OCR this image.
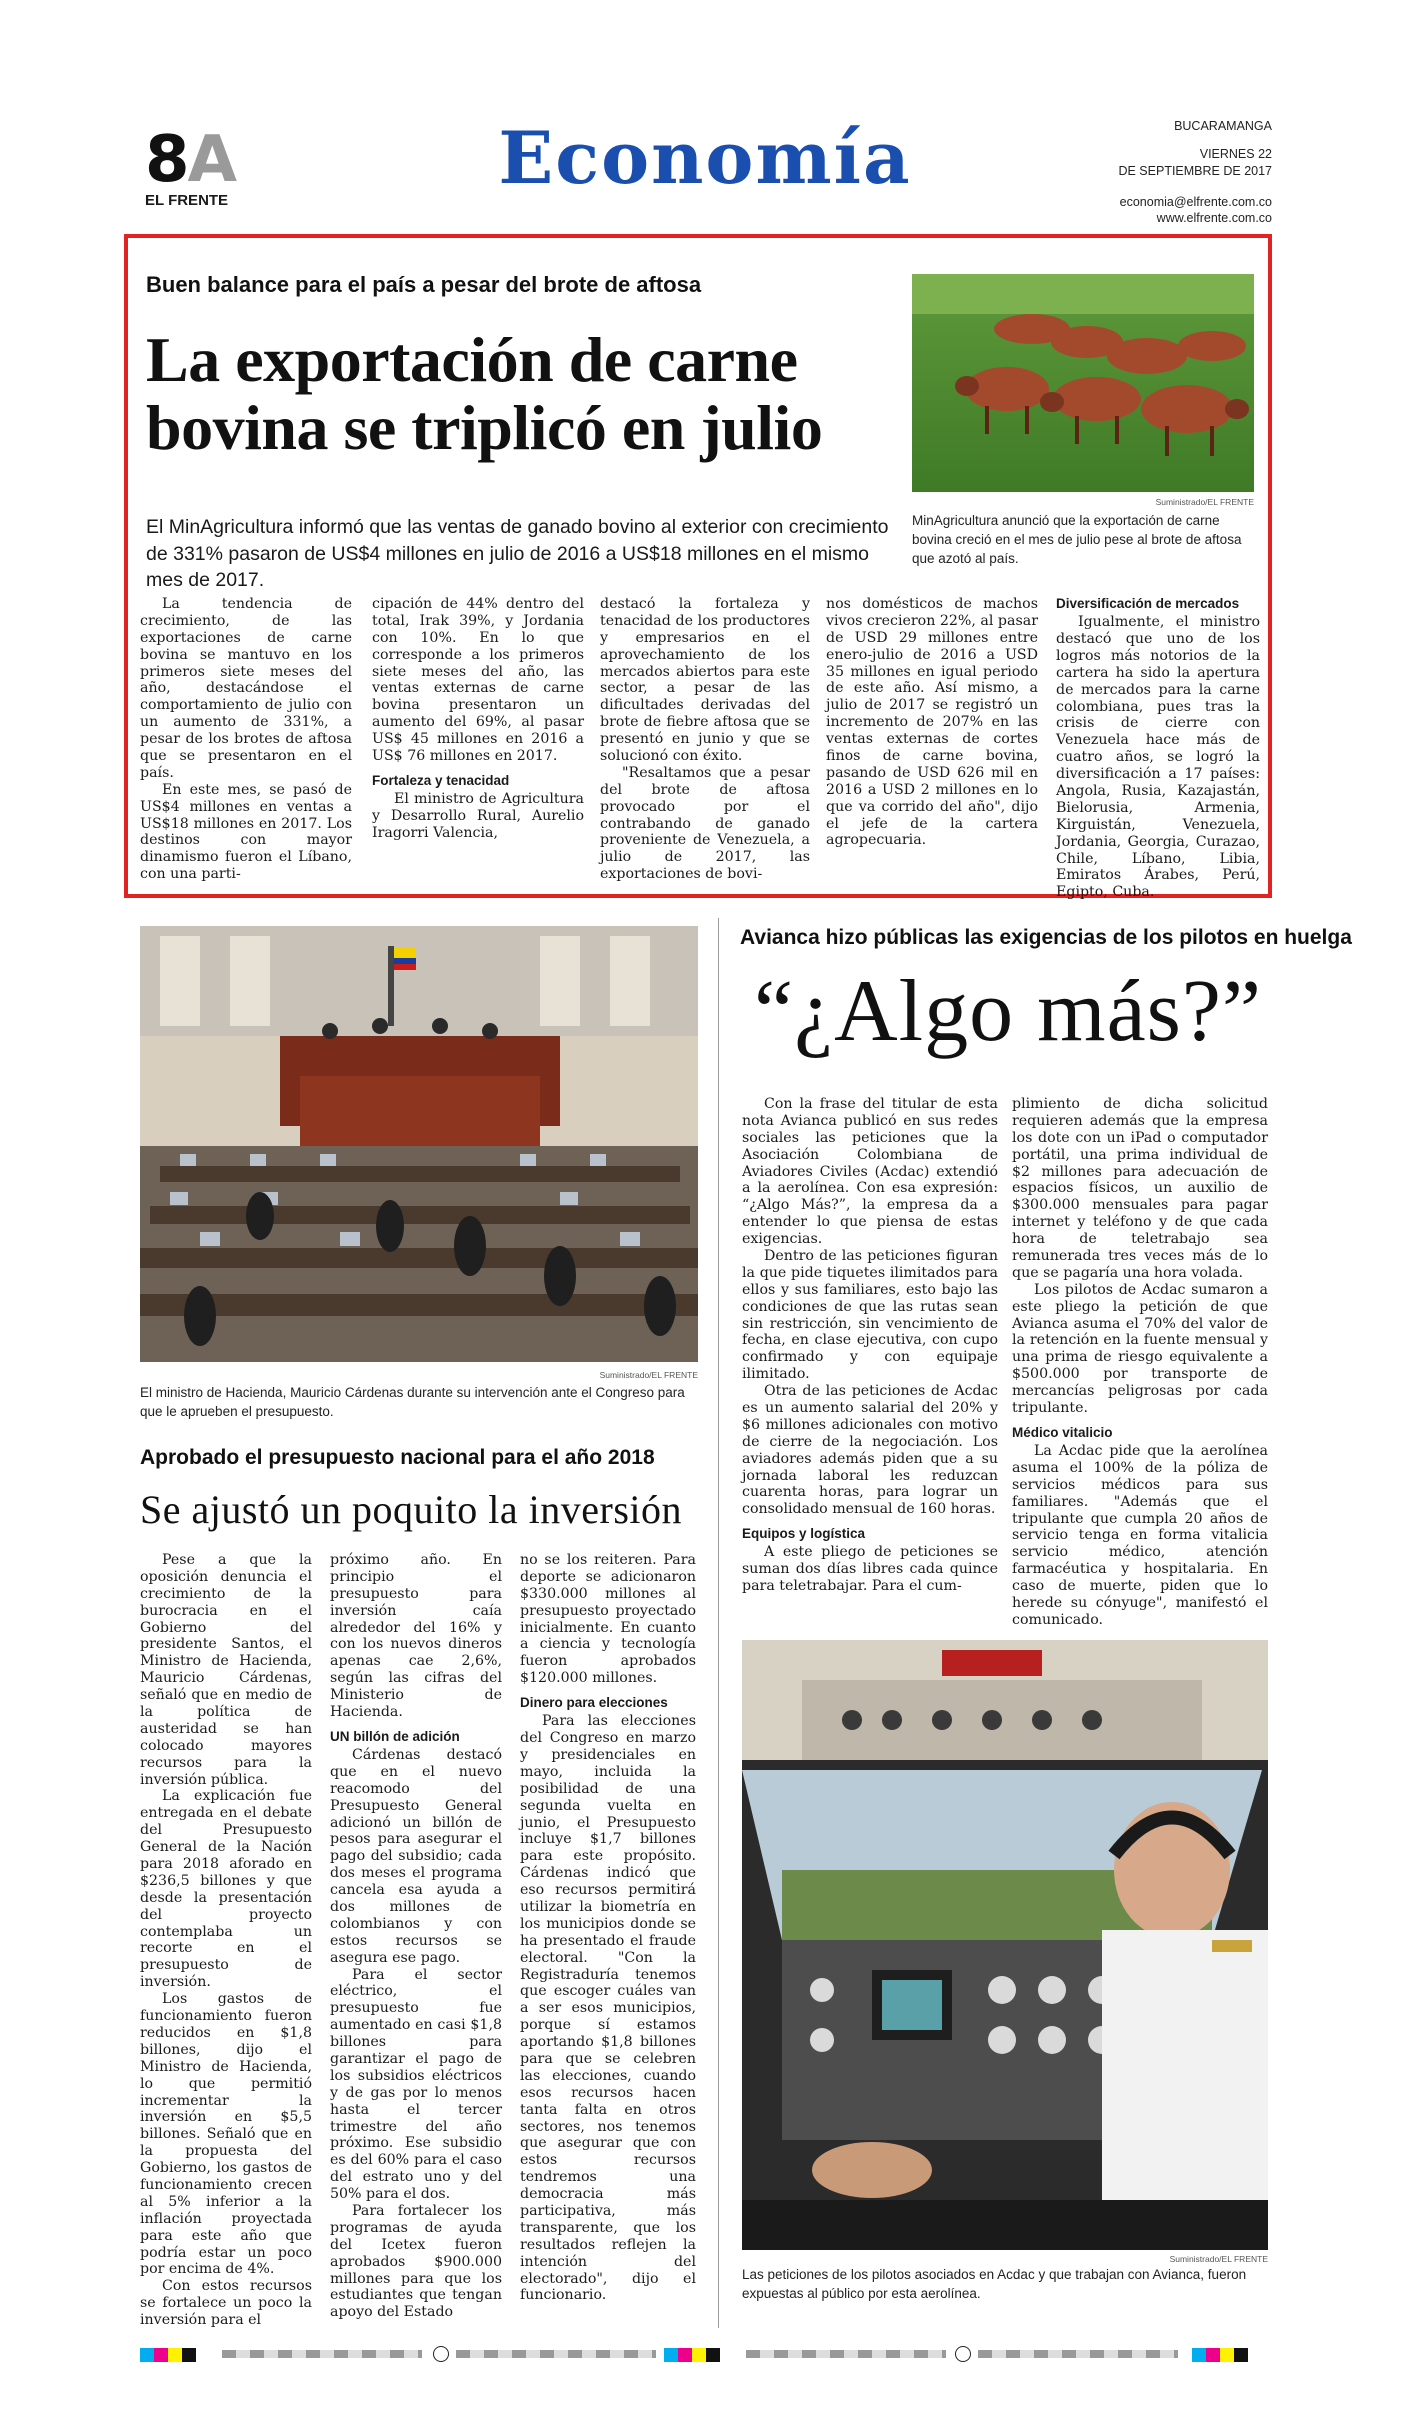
8A
EL FRENTE
Economía	BUCARAMANGA
VIERNES 22
DE SEPTIEMBRE DE 2017
economia@elfrente.com.co
www.elfrente.com.co
Buen balance para el país a pesar del brote de aftosa
La exportación de carne
bovina se triplicó en julio
El MinAgricultura informó que las ventas de ganado bovino al exterior con crecimiento de 331% pasaron de US$4 millones en julio de 2016 a US$18 millones en el mismo mes de 2017.
Suministrado/EL FRENTE
MinAgricultura anunció que la exportación de carne bovina creció en el mes de julio pese al brote de aftosa que azotó al país.

La tendencia de crecimiento, de las exportaciones de carne bovina se mantuvo en los primeros siete meses del año, destacándose el comportamiento de julio con un aumento de 331%, a pesar de los brotes de aftosa que se presentaron en el país.

En este mes, se pasó de US$4 millones en ventas a US$18 millones en 2017. Los destinos con mayor dinamismo fueron el Líbano, con una parti-

cipación de 44% dentro del total, Irak 39%, y Jordania con 10%. En lo que corresponde a los primeros siete meses del año, las ventas externas de carne bovina presentaron un aumento del 69%, al pasar US$ 45 millones en 2016 a US$ 76 millones en 2017.

Fortaleza y tenacidad

El ministro de Agricultura y Desarrollo Rural, Aurelio Iragorri Valencia,

destacó la fortaleza y tenacidad de los productores y empresarios en el aprovechamiento de los mercados abiertos para este sector, a pesar de las dificultades derivadas del brote de fiebre aftosa que se presentó en junio y que se solucionó con éxito.

"Resaltamos que a pesar del brote de aftosa provocado por el contrabando de ganado proveniente de Venezuela, a julio de 2017, las exportaciones de bovi-

nos domésticos de machos vivos crecieron 22%, al pasar de USD 29 millones entre enero-julio de 2016 a USD 35 millones en igual periodo de este año. Así mismo, a julio de 2017 se registró un incremento de 207% en las ventas externas de cortes finos de carne bovina, pasando de USD 626 mil en 2016 a USD 2 millones en lo que va corrido del año", dijo el jefe de la cartera agropecuaria.

Diversificación de mercados

Igualmente, el ministro destacó que uno de los logros más notorios de la cartera ha sido la apertura de mercados para la carne colombiana, pues tras la crisis de cierre con Venezuela hace más de cuatro años, se logró la diversificación a 17 países: Angola, Rusia, Kazajastán, Bielorusia, Armenia, Kirguistán, Venezuela, Jordania, Georgia, Curazao, Chile, Líbano, Libia, Emiratos Árabes, Perú, Egipto, Cuba.

Suministrado/EL FRENTE
El ministro de Hacienda, Mauricio Cárdenas durante su intervención ante el Congreso para que le aprueben el presupuesto.
Aprobado el presupuesto nacional para el año 2018
Se ajustó un poquito la inversión

Pese a que la oposición denuncia el crecimiento de la burocracia en el Gobierno del presidente Santos, el Ministro de Hacienda, Mauricio Cárdenas, señaló que en medio de la política de austeridad se han colocado mayores recursos para la inversión pública.

La explicación fue entregada en el debate del Presupuesto General de la Nación para 2018 aforado en $236,5 billones y que desde la presentación del proyecto contemplaba un recorte en el presupuesto de inversión.

Los gastos de funcionamiento fueron reducidos en $1,8 billones, dijo el Ministro de Hacienda, lo que permitió incrementar la inversión en $5,5 billones. Señaló que en la propuesta del Gobierno, los gastos de funcionamiento crecen al 5% inferior a la inflación proyectada para este año que podría estar un poco por encima de 4%.

Con estos recursos se fortalece un poco la inversión para el

próximo año. En principio el presupuesto para inversión caía alrededor del 16% y con los nuevos dineros apenas cae 2,6%, según las cifras del Ministerio de Hacienda.

UN billón de adición

Cárdenas destacó que en el nuevo reacomodo del Presupuesto General adicionó un billón de pesos para asegurar el pago del subsidio; cada dos meses el programa cancela esa ayuda a dos millones de colombianos y con estos recursos se asegura ese pago.

Para el sector eléctrico, el presupuesto fue aumentado en casi $1,8 billones para garantizar el pago de los subsidios eléctricos y de gas por lo menos hasta el tercer trimestre del año próximo. Ese subsidio es del 60% para el caso del estrato uno y del 50% para el dos.

Para fortalecer los programas de ayuda del Icetex fueron aprobados $900.000 millones para que los estudiantes que tengan apoyo del Estado

no se los reiteren. Para deporte se adicionaron $330.000 millones al presupuesto proyectado inicialmente. En cuanto a ciencia y tecnología fueron aprobados $120.000 millones.

Dinero para elecciones

Para las elecciones del Congreso en marzo y presidenciales en mayo, incluida la posibilidad de una segunda vuelta en junio, el Presupuesto incluye $1,7 billones para este propósito. Cárdenas indicó que eso recursos permitirá utilizar la biometría en los municipios donde se ha presentado el fraude electoral. "Con la Registraduría tenemos que escoger cuáles van a ser esos municipios, porque sí estamos aportando $1,8 billones para que se celebren las elecciones, cuando esos recursos hacen tanta falta en otros sectores, nos tenemos que asegurar que con estos recursos tendremos una democracia más participativa, más transparente, que los resultados reflejen la intención del electorado", dijo el funcionario.

Avianca hizo públicas las exigencias de los pilotos en huelga
“¿Algo más?”

Con la frase del titular de esta nota Avianca publicó en sus redes sociales las peticiones que la Asociación Colombiana de Aviadores Civiles (Acdac) extendió a la aerolínea. Con esa expresión: “¿Algo Más?”, la empresa da a entender lo que piensa de estas exigencias.

Dentro de las peticiones figuran la que pide tiquetes ilimitados para ellos y sus familiares, esto bajo las condiciones de que las rutas sean sin restricción, sin vencimiento de fecha, en clase ejecutiva, con cupo confirmado y con equipaje ilimitado.

Otra de las peticiones de Acdac es un aumento salarial del 20% y $6 millones adicionales con motivo de cierre de la negociación. Los aviadores además piden que a su jornada laboral les reduzcan cuarenta horas, para lograr un consolidado mensual de 160 horas.

Equipos y logística

A este pliego de peticiones se suman dos días libres cada quince para teletrabajar. Para el cum-

plimiento de dicha solicitud requieren además que la empresa los dote con un iPad o computador portátil, una prima individual de $2 millones para adecuación de espacios físicos, un auxilio de $300.000 mensuales para pagar internet y teléfono y de que cada hora de teletrabajo sea remunerada tres veces más de lo que se pagaría una hora volada.

Los pilotos de Acdac sumaron a este pliego la petición de que Avianca asuma el 70% del valor de la retención en la fuente mensual y una prima de riesgo equivalente a $500.000 por transporte de mercancías peligrosas por cada tripulante.

Médico vitalicio

La Acdac pide que la aerolínea asuma el 100% de la póliza de servicios médicos para sus familiares. "Además que el tripulante que cumpla 20 años de servicio tenga en forma vitalicia servicio médico, atención farmacéutica y hospitalaria. En caso de muerte, piden que lo herede su cónyuge", manifestó el comunicado.

Suministrado/EL FRENTE
Las peticiones de los pilotos asociados en Acdac y que trabajan con Avianca, fueron expuestas al público por esta aerolínea.
